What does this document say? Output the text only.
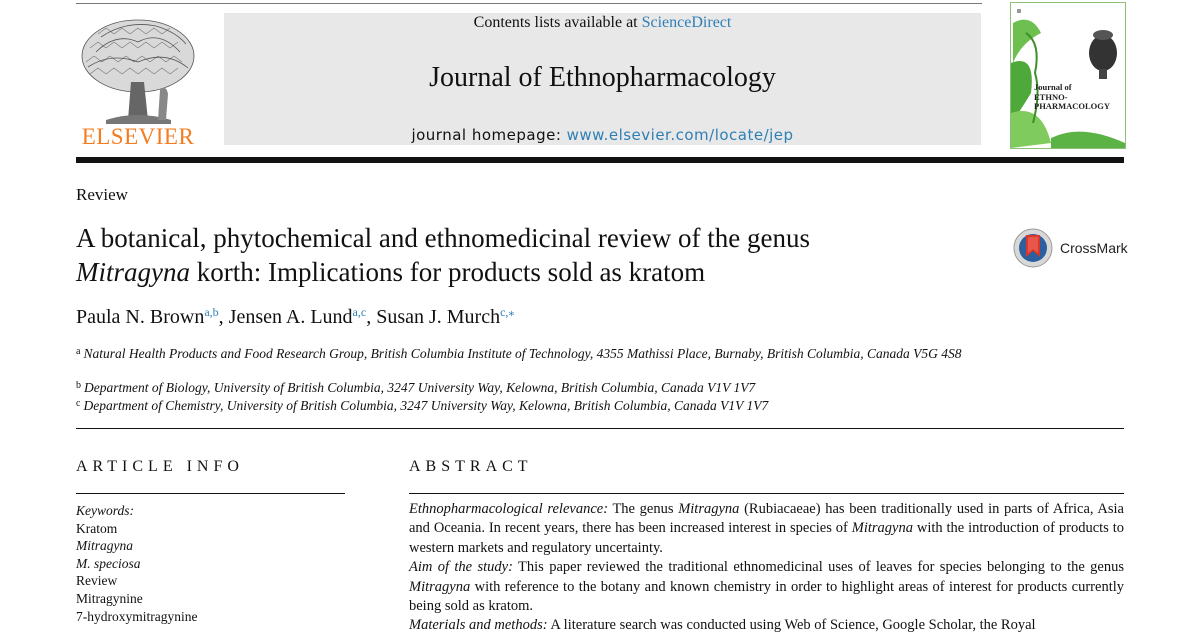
ELSEVIER
Contents lists available at ScienceDirect
Journal of Ethnopharmacology
journal homepage: www.elsevier.com/locate/jep
Journal of
ETHNO-
PHARMACOLOGY
Review
A botanical, phytochemical and ethnomedicinal review of the genus
Mitragyna korth: Implications for products sold as kratom
CrossMark
Paula N. Brown$^{a,b}$, Jensen A. Lund$^{a,c}$, Susan J. Murch$^{c,⁎}$
$^a$ Natural Health Products and Food Research Group, British Columbia Institute of Technology, 4355 Mathissi Place, Burnaby, British Columbia, Canada V5G 4S8
$^b$ Department of Biology, University of British Columbia, 3247 University Way, Kelowna, British Columbia, Canada V1V 1V7
$^c$ Department of Chemistry, University of British Columbia, 3247 University Way, Kelowna, British Columbia, Canada V1V 1V7
ARTICLE INFO
Keywords:
Kratom
Mitragyna
M. speciosa
Review
Mitragynine
7-hydroxymitragynine
ABSTRACT

Ethnopharmacological relevance: The genus Mitragyna (Rubiacaeae) has been traditionally used in parts of Africa, Asia and Oceania. In recent years, there has been increased interest in species of Mitragyna with the introduction of products to western markets and regulatory uncertainty.

Aim of the study: This paper reviewed the traditional ethnomedicinal uses of leaves for species belonging to the genus Mitragyna with reference to the botany and known chemistry in order to highlight areas of interest for products currently being sold as kratom.

Materials and methods: A literature search was conducted using Web of Science, Google Scholar, the Royal
